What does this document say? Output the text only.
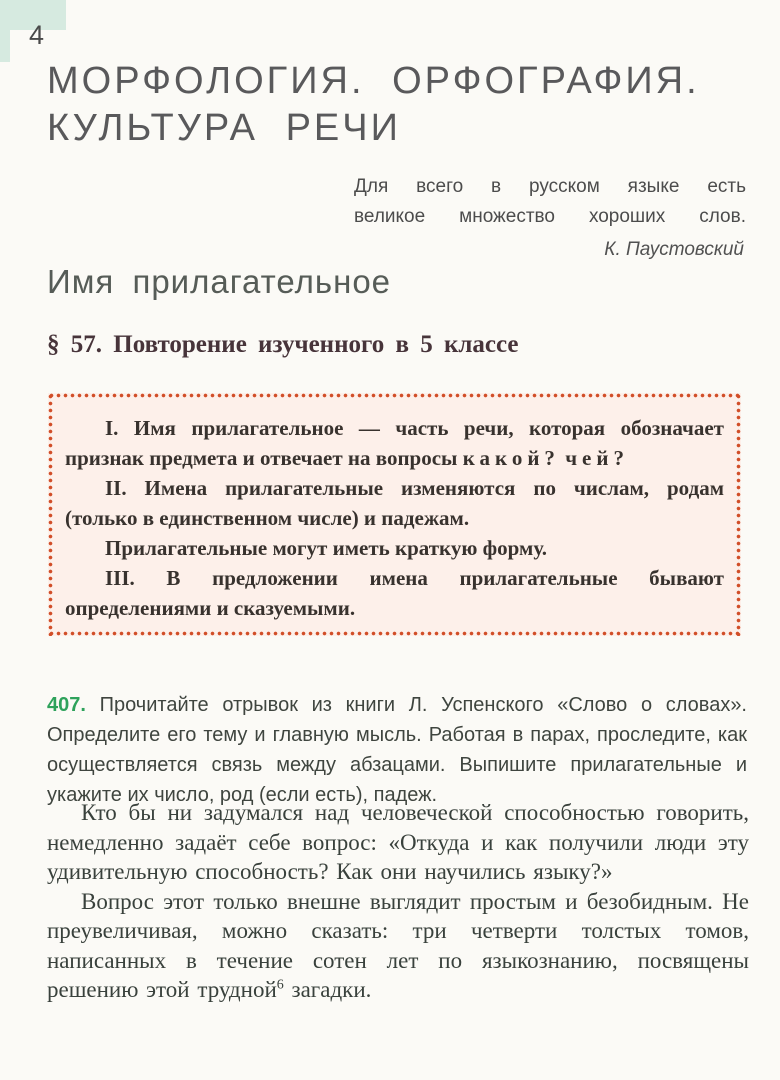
4
МОРФОЛОГИЯ. ОРФОГРАФИЯ.
КУЛЬТУРА РЕЧИ
Для всего в русском языке есть
великое множество хороших слов.
К. Паустовский
Имя прилагательное
§ 57. Повторение изученного в 5 классе

I. Имя прилагательное — часть речи, которая обозначает признак предмета и отвечает на вопросы какой? чей?

II. Имена прилагательные изменяются по числам, родам (только в единственном числе) и падежам.

Прилагательные могут иметь краткую форму.

III. В предложении имена прилагательные бывают определениями и сказуемыми.

407. Прочитайте отрывок из книги Л. Успенского «Слово о словах». Определите его тему и главную мысль. Работая в парах, проследите, как осуществляется связь между абзацами. Выпишите прилагательные и укажите их число, род (если есть), падеж.

Кто бы ни задумался над человеческой способностью говорить, немедленно задаёт себе вопрос: «Откуда и как получили люди эту удивительную способность? Как они научились языку?»

Вопрос этот только внешне выглядит простым и безобидным. Не преувеличивая, можно сказать: три четверти толстых томов, написанных в течение сотен лет по языкознанию, посвящены решению этой трудной$^6$ загадки.
